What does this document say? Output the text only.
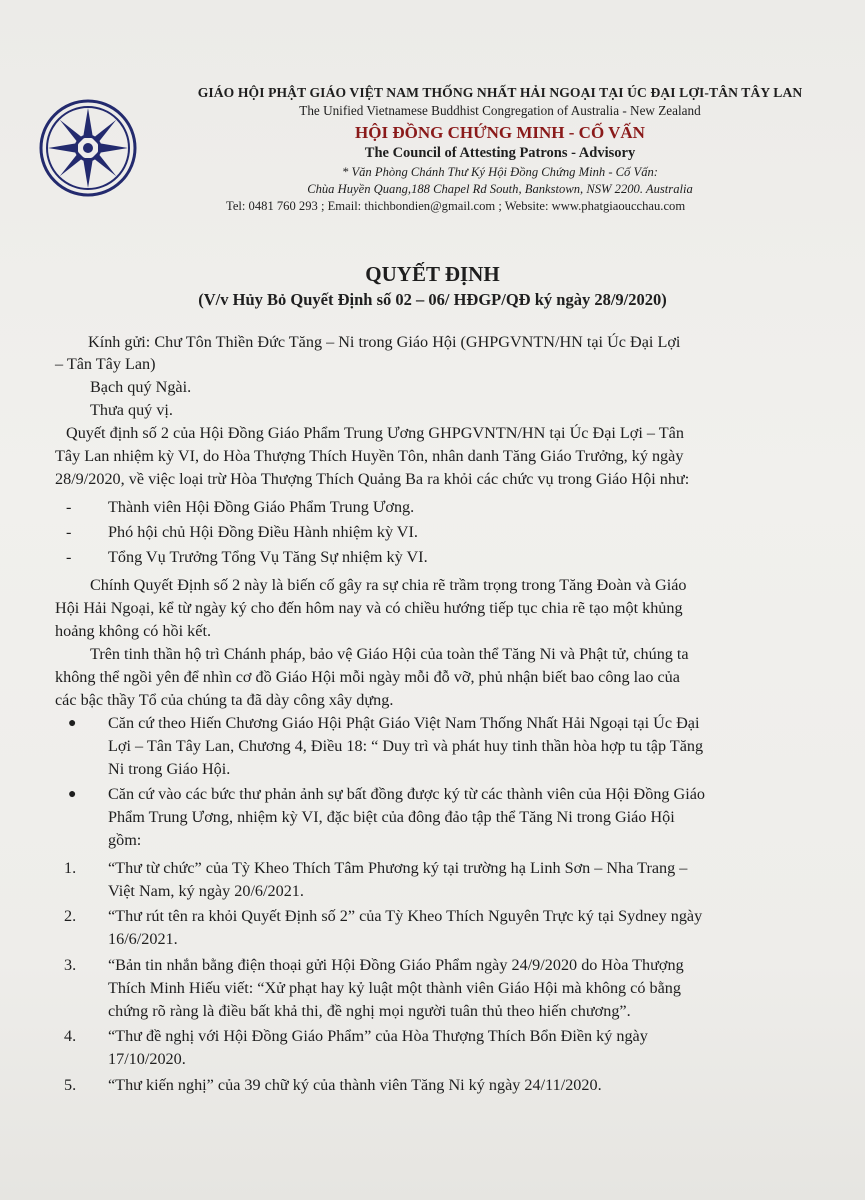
GIÁO HỘI PHẬT GIÁO VIỆT NAM THỐNG NHẤT HẢI NGOẠI TẠI ÚC ĐẠI LỢI-TÂN TÂY LAN
The Unified Vietnamese Buddhist Congregation of Australia - New Zealand
HỘI ĐỒNG CHỨNG MINH - CỐ VẤN
The Council of Attesting Patrons - Advisory
* Văn Phòng Chánh Thư Ký Hội Đồng Chứng Minh - Cố Vấn:
Chùa Huyền Quang,188 Chapel Rd South, Bankstown, NSW 2200. Australia
Tel: 0481 760 293 ; Email: thichbondien@gmail.com ; Website: www.phatgiaoucchau.com
QUYẾT ĐỊNH
(V/v Hủy Bỏ Quyết Định số 02 – 06/ HĐGP/QĐ ký ngày 28/9/2020)
Kính gửi: Chư Tôn Thiền Đức Tăng – Ni trong Giáo Hội (GHPGVNTN/HN tại Úc Đại Lợi
– Tân Tây Lan)
Bạch quý Ngài.
Thưa quý vị.
Quyết định số 2 của Hội Đồng Giáo Phẩm Trung Ương GHPGVNTN/HN tại Úc Đại Lợi – Tân
Tây Lan nhiệm kỳ VI, do Hòa Thượng Thích Huyền Tôn, nhân danh Tăng Giáo Trưởng, ký ngày
28/9/2020, về việc loại trừ Hòa Thượng Thích Quảng Ba ra khỏi các chức vụ trong Giáo Hội như:
- Thành viên Hội Đồng Giáo Phẩm Trung Ương.
- Phó hội chủ Hội Đồng Điều Hành nhiệm kỳ VI.
- Tổng Vụ Trưởng Tổng Vụ Tăng Sự nhiệm kỳ VI.
Chính Quyết Định số 2 này là biến cố gây ra sự chia rẽ trầm trọng trong Tăng Đoàn và Giáo
Hội Hải Ngoại, kể từ ngày ký cho đến hôm nay và có chiều hướng tiếp tục chia rẽ tạo một khủng
hoảng không có hồi kết.
Trên tinh thần hộ trì Chánh pháp, bảo vệ Giáo Hội của toàn thể Tăng Ni và Phật tử, chúng ta
không thể ngồi yên để nhìn cơ đồ Giáo Hội mỗi ngày mỗi đỗ vỡ, phủ nhận biết bao công lao của
các bậc thầy Tổ của chúng ta đã dày công xây dựng.
● Căn cứ theo Hiến Chương Giáo Hội Phật Giáo Việt Nam Thống Nhất Hải Ngoại tại Úc Đại
Lợi – Tân Tây Lan, Chương 4, Điều 18: “ Duy trì và phát huy tinh thần hòa hợp tu tập Tăng
Ni trong Giáo Hội.
● Căn cứ vào các bức thư phản ảnh sự bất đồng được ký từ các thành viên của Hội Đồng Giáo
Phẩm Trung Ương, nhiệm kỳ VI, đặc biệt của đông đảo tập thể Tăng Ni trong Giáo Hội
gồm:
1. “Thư từ chức” của Tỳ Kheo Thích Tâm Phương ký tại trường hạ Linh Sơn – Nha Trang –
Việt Nam, ký ngày 20/6/2021.
2. “Thư rút tên ra khỏi Quyết Định số 2” của Tỳ Kheo Thích Nguyên Trực ký tại Sydney ngày
16/6/2021.
3. “Bản tin nhắn bằng điện thoại gửi Hội Đồng Giáo Phẩm ngày 24/9/2020 do Hòa Thượng
Thích Minh Hiếu viết: “Xử phạt hay kỷ luật một thành viên Giáo Hội mà không có bằng
chứng rõ ràng là điều bất khả thi, đề nghị mọi người tuân thủ theo hiến chương”.
4. “Thư đề nghị với Hội Đồng Giáo Phẩm” của Hòa Thượng Thích Bổn Điền ký ngày
17/10/2020.
5. “Thư kiến nghị” của 39 chữ ký của thành viên Tăng Ni ký ngày 24/11/2020.
